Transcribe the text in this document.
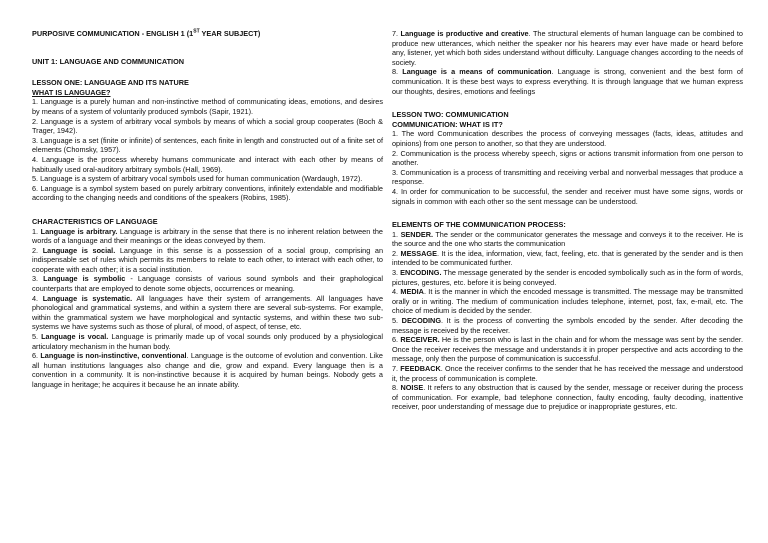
PURPOSIVE COMMUNICATION - ENGLISH 1 (1ST YEAR SUBJECT)

UNIT 1: LANGUAGE AND COMMUNICATION

LESSON ONE: LANGUAGE AND ITS NATURE

WHAT IS LANGUAGE?

1. Language is a purely human and non-instinctive method of communicating ideas, emotions, and desires by means of a system of voluntarily produced symbols (Sapir, 1921).

2. Language is a system of arbitrary vocal symbols by means of which a social group cooperates (Boch & Trager, 1942).

3. Language is a set (finite or infinite) of sentences, each finite in length and constructed out of a finite set of elements (Chomsky, 1957).

4. Language is the process whereby humans communicate and interact with each other by means of habitually used oral-auditory arbitrary symbols (Hall, 1969).

5. Language is a system of arbitrary vocal symbols used for human communication (Wardaugh, 1972).

6. Language is a symbol system based on purely arbitrary conventions, infinitely extendable and modifiable according to the changing needs and conditions of the speakers (Robins, 1985).

CHARACTERISTICS OF LANGUAGE

1. Language is arbitrary. Language is arbitrary in the sense that there is no inherent relation between the words of a language and their meanings or the ideas conveyed by them.

2. Language is social. Language in this sense is a possession of a social group, comprising an indispensable set of rules which permits its members to relate to each other, to interact with each other, to cooperate with each other; it is a social institution.

3. Language is symbolic - Language consists of various sound symbols and their graphological counterparts that are employed to denote some objects, occurrences or meaning.

4. Language is systematic. All languages have their system of arrangements. All languages have phonological and grammatical systems, and within a system there are several sub-systems. For example, within the grammatical system we have morphological and syntactic systems, and within these two sub-systems we have systems such as those of plural, of mood, of aspect, of tense, etc.

5. Language is vocal. Language is primarily made up of vocal sounds only produced by a physiological articulatory mechanism in the human body.

6. Language is non-instinctive, conventional. Language is the outcome of evolution and convention. Like all human institutions languages also change and die, grow and expand. Every language then is a convention in a community. It is non-instinctive because it is acquired by human beings. Nobody gets a language in heritage; he acquires it because he an innate ability.

7. Language is productive and creative. The structural elements of human language can be combined to produce new utterances, which neither the speaker nor his hearers may ever have made or heard before any, listener, yet which both sides understand without difficulty. Language changes according to the needs of society.

8. Language is a means of communication. Language is strong, convenient and the best form of communication. It is these best ways to express everything. It is through language that we human express our thoughts, desires, emotions and feelings

LESSON TWO: COMMUNICATION

COMMUNICATION: WHAT IS IT?

1. The word Communication describes the process of conveying messages (facts, ideas, attitudes and opinions) from one person to another, so that they are understood.

2. Communication is the process whereby speech, signs or actions transmit information from one person to another.

3. Communication is a process of transmitting and receiving verbal and nonverbal messages that produce a response.

4. In order for communication to be successful, the sender and receiver must have some signs, words or signals in common with each other so the sent message can be understood.

ELEMENTS OF THE COMMUNICATION PROCESS:

1. SENDER. The sender or the communicator generates the message and conveys it to the receiver. He is the source and the one who starts the communication

2. MESSAGE. It is the idea, information, view, fact, feeling, etc. that is generated by the sender and is then intended to be communicated further.

3. ENCODING. The message generated by the sender is encoded symbolically such as in the form of words, pictures, gestures, etc. before it is being conveyed.

4. MEDIA. It is the manner in which the encoded message is transmitted. The message may be transmitted orally or in writing. The medium of communication includes telephone, internet, post, fax, e-mail, etc. The choice of medium is decided by the sender.

5. DECODING. It is the process of converting the symbols encoded by the sender. After decoding the message is received by the receiver.

6. RECEIVER. He is the person who is last in the chain and for whom the message was sent by the sender. Once the receiver receives the message and understands it in proper perspective and acts according to the message, only then the purpose of communication is successful.

7. FEEDBACK. Once the receiver confirms to the sender that he has received the message and understood it, the process of communication is complete.

8. NOISE. It refers to any obstruction that is caused by the sender, message or receiver during the process of communication. For example, bad telephone connection, faulty encoding, faulty decoding, inattentive receiver, poor understanding of message due to prejudice or inappropriate gestures, etc.
